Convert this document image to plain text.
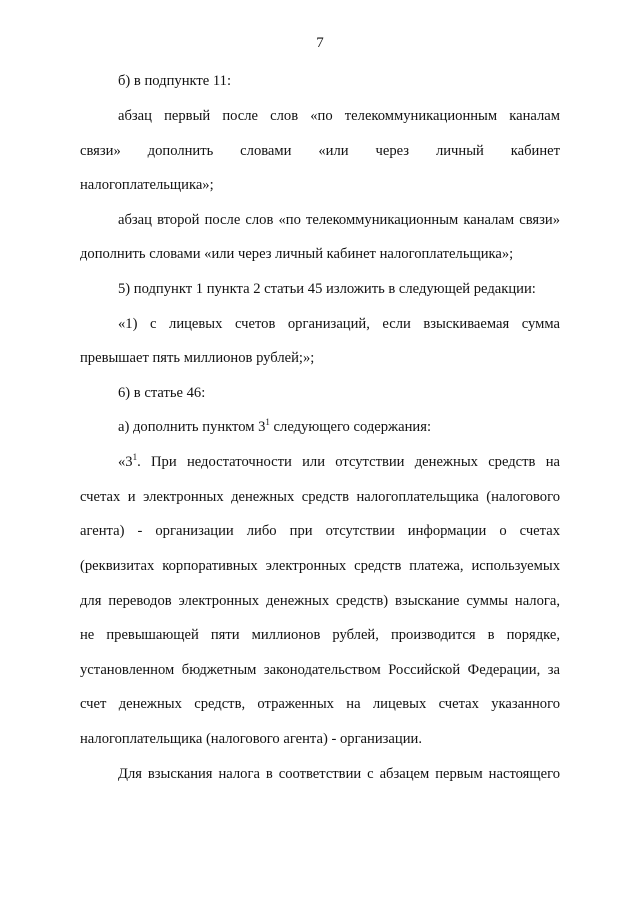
7
б) в подпункте 11:
абзац первый после слов «по телекоммуникационным каналам
связи» дополнить словами «или через личный кабинет
налогоплательщика»;
абзац второй после слов «по телекоммуникационным каналам связи»
дополнить словами «или через личный кабинет налогоплательщика»;
5) подпункт 1 пункта 2 статьи 45 изложить в следующей редакции:
«1) с лицевых счетов организаций, если взыскиваемая сумма
превышает пять миллионов рублей;»;
6) в статье 46:
а) дополнить пунктом $3^1$ следующего содержания:
«$3^1$. При недостаточности или отсутствии денежных средств на
счетах и электронных денежных средств налогоплательщика (налогового
агента) - организации либо при отсутствии информации о счетах
(реквизитах корпоративных электронных средств платежа, используемых
для переводов электронных денежных средств) взыскание суммы налога,
не превышающей пяти миллионов рублей, производится в порядке,
установленном бюджетным законодательством Российской Федерации, за
счет денежных средств, отраженных на лицевых счетах указанного
налогоплательщика (налогового агента) - организации.
Для взыскания налога в соответствии с абзацем первым настоящего
